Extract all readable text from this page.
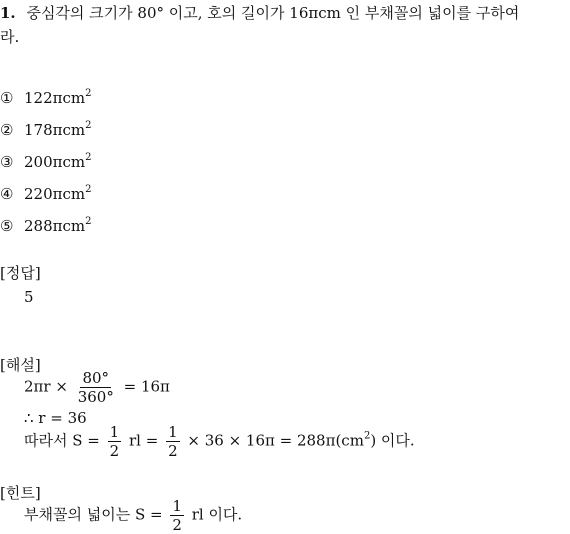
1. 중심각의 크기가 80° 이고, 호의 길이가 16πcm 인 부채꼴의 넓이를 구하여
라.
① 122πcm$^2$
② 178πcm$^2$
③ 200πcm$^2$
④ 220πcm$^2$
⑤ 288πcm$^2$
[정답]
5
[해설]
$2\pi r \times \frac{80^\circ}{360^\circ} = 16\pi$
∴ r = 36
따라서 $S = \frac{1}{2}$ rl = $\frac{1}{2} \times 36 \times 16\pi = 288\pi(cm^2)$ 이다.
[힌트]
부채꼴의 넓이는 $S = \frac{1}{2}$ rl 이다.
